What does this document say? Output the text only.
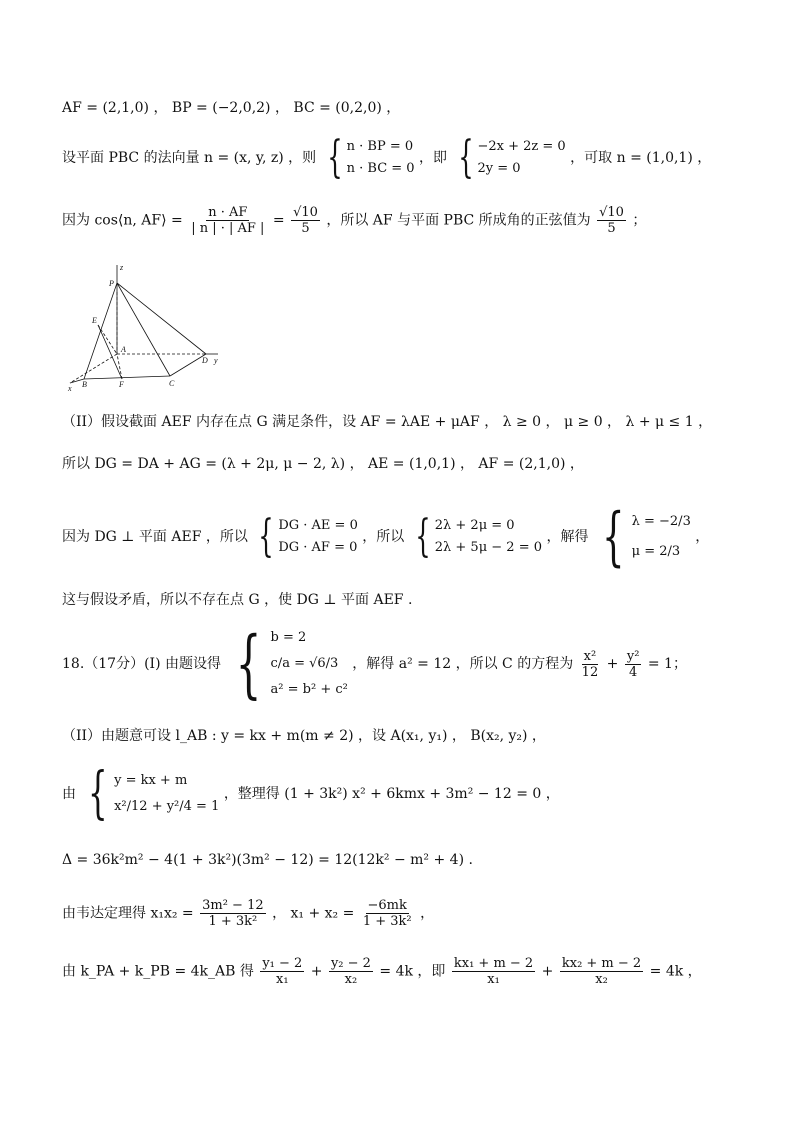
AF = (2,1,0) ， BP = (−2,0,2) ， BC = (0,2,0) ，
设平面 PBC 的法向量 n = (x, y, z) ，则 { n · BP = 0
n · BC = 0
，即 { −2x + 2z = 0
2y = 0
，可取 n = (1,0,1) ，
因为 cos⟨n, AF⟩ = $\frac{n \cdot AF}{| n | \cdot | AF |} = \frac{√10}{5}$ ，所以 AF 与平面 PBC 所成角的正弦值为 $\frac{√10}{5}$ ；
z
P
E
A
D y
x B	F	C
（II）假设截面 AEF 内存在点 G 满足条件，设 AF = λAE + μAF ， λ ≥ 0 ， μ ≥ 0 ， λ + μ ≤ 1 ，
所以 DG = DA + AG = (λ + 2μ, μ − 2, λ) ， AE = (1,0,1) ， AF = (2,1,0) ，
因为 DG ⊥ 平面 AEF ，所以 { DG · AE = 0
DG · AF = 0
，所以 { 2λ + 2μ = 0
2λ + 5μ − 2 = 0
，解得 { λ = −2/3
μ = 2/3
，
这与假设矛盾，所以不存在点 G ，使 DG ⊥ 平面 AEF .
18.（17分）(I) 由题设得 { b = 2
c/a = √6/3
a² = b² + c²
，解得 a² = 12 ，所以 C 的方程为 $\frac{\text{x²}}{12} + \frac{\text{y²}}{4} = 1$；
（II）由题意可设 l_AB : y = kx + m(m ≠ 2) ，设 A(x₁, y₁) ， B(x₂, y₂) ，
由 { y = kx + m
x²/12 + y²/4 = 1
，整理得 (1 + 3k²) x² + 6kmx + 3m² − 12 = 0 ，
Δ = 36k²m² − 4(1 + 3k²)(3m² − 12) = 12(12k² − m² + 4) .
由韦达定理得 $x_1x_2 = \frac{\text{3m² − 12}}{\text{1 + 3k²}}$ ， $x_1 + x_2 = \frac{-6mk}{\text{1 + 3k²}}$ ，
由 k_PA + k_PB = 4k_AB 得 $\frac{\text{y₁ − 2}}{\text{x₁}} + \frac{\text{y₂ − 2}}{\text{x₂}} = 4k$ ，即 $\frac{\text{kx₁ + m − 2}}{\text{x₁}} + \frac{\text{kx₂ + m − 2}}{\text{x₂}} = 4k$ ，
